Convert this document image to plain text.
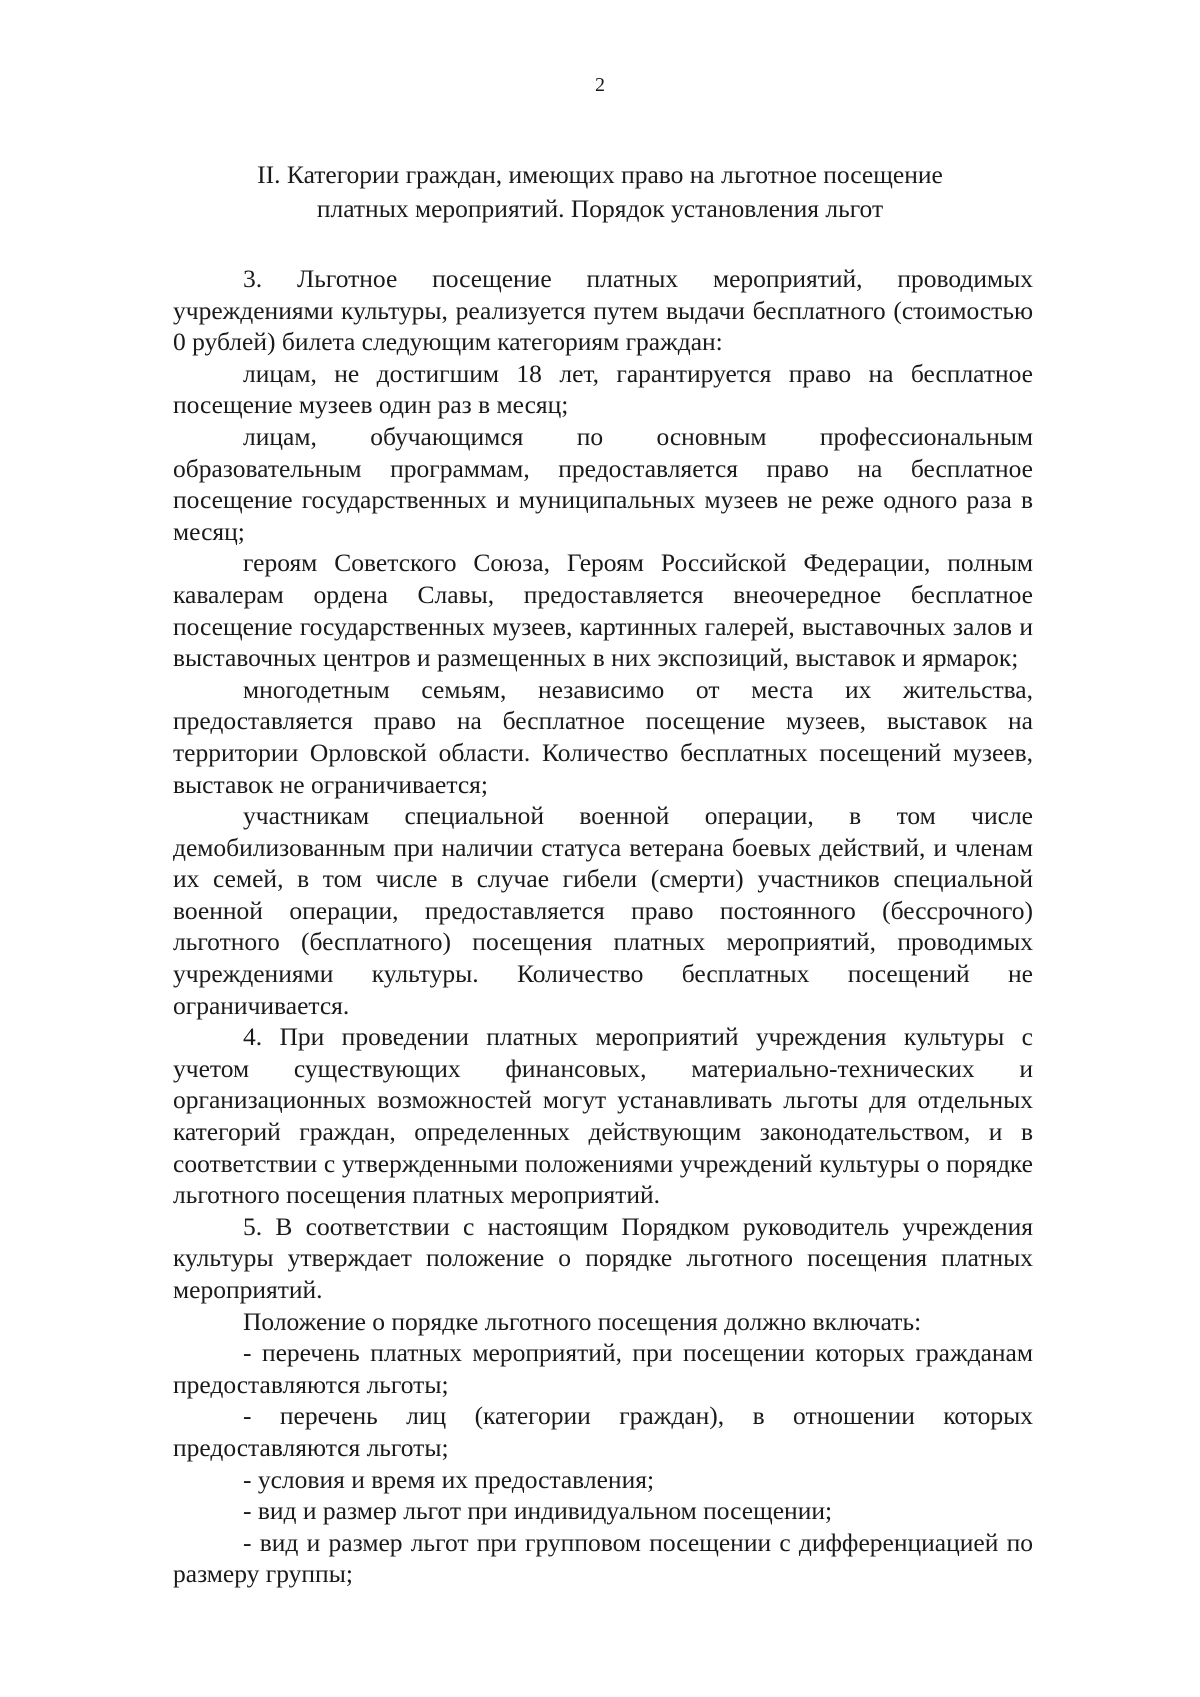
2
II. Категории граждан, имеющих право на льготное посещение
платных мероприятий. Порядок установления льгот

3. Льготное посещение платных мероприятий, проводимых учреждениями культуры, реализуется путем выдачи бесплатного (стоимостью 0 рублей) билета следующим категориям граждан:

лицам, не достигшим 18 лет, гарантируется право на бесплатное посещение музеев один раз в месяц;

лицам, обучающимся по основным профессиональным образовательным программам, предоставляется право на бесплатное посещение государственных и муниципальных музеев не реже одного раза в месяц;

героям Советского Союза, Героям Российской Федерации, полным кавалерам ордена Славы, предоставляется внеочередное бесплатное посещение государственных музеев, картинных галерей, выставочных залов и выставочных центров и размещенных в них экспозиций, выставок и ярмарок;

многодетным семьям, независимо от места их жительства, предоставляется право на бесплатное посещение музеев, выставок на территории Орловской области. Количество бесплатных посещений музеев, выставок не ограничивается;

участникам специальной военной операции, в том числе демобилизованным при наличии статуса ветерана боевых действий, и членам их семей, в том числе в случае гибели (смерти) участников специальной военной операции, предоставляется право постоянного (бессрочного) льготного (бесплатного) посещения платных мероприятий, проводимых учреждениями культуры. Количество бесплатных посещений не ограничивается.

4. При проведении платных мероприятий учреждения культуры с учетом существующих финансовых, материально-технических и организационных возможностей могут устанавливать льготы для отдельных категорий граждан, определенных действующим законодательством, и в соответствии с утвержденными положениями учреждений культуры о порядке льготного посещения платных мероприятий.

5. В соответствии с настоящим Порядком руководитель учреждения культуры утверждает положение о порядке льготного посещения платных мероприятий.

Положение о порядке льготного посещения должно включать:

- перечень платных мероприятий, при посещении которых гражданам предоставляются льготы;

- перечень лиц (категории граждан), в отношении которых предоставляются льготы;

- условия и время их предоставления;

- вид и размер льгот при индивидуальном посещении;

- вид и размер льгот при групповом посещении с дифференциацией по размеру группы;
